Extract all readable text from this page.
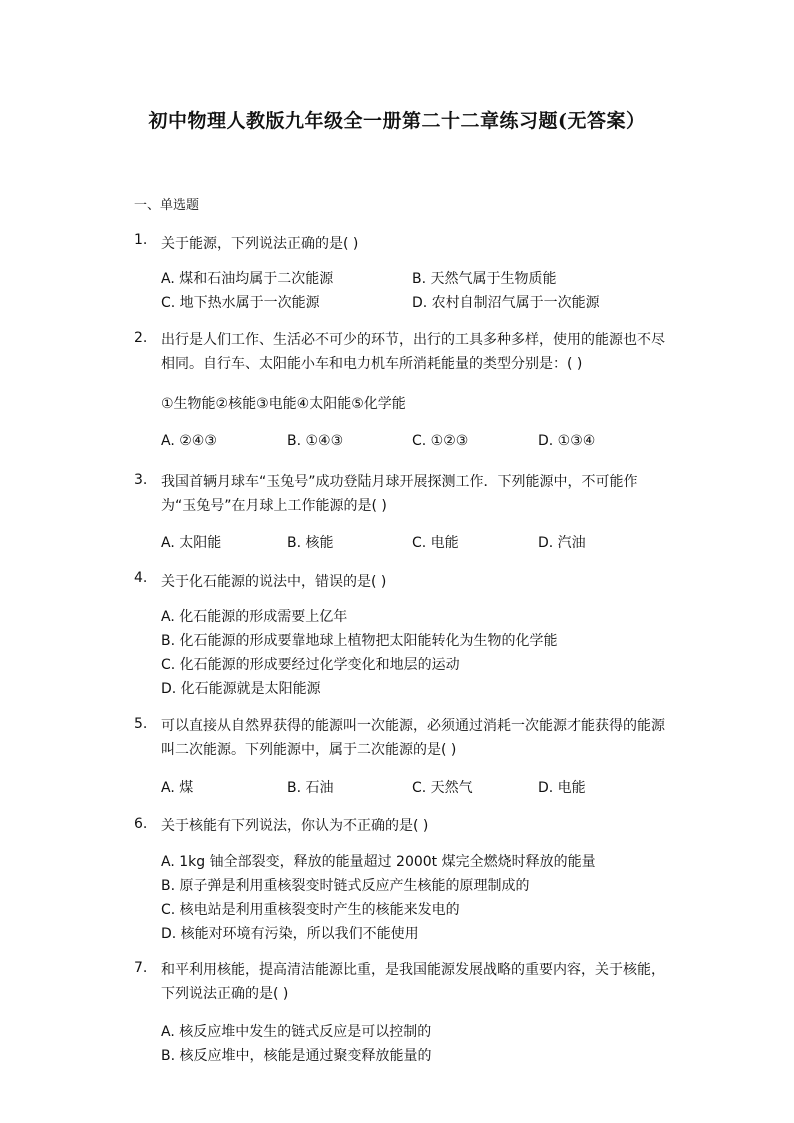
初中物理人教版九年级全一册第二十二章练习题(无答案）
一、单选题
1. 关于能源，下列说法正确的是( )
A. 煤和石油均属于二次能源	B. 天然气属于生物质能
C. 地下热水属于一次能源	D. 农村自制沼气属于一次能源
2. 出行是人们工作、生活必不可少的环节，出行的工具多种多样，使用的能源也不尽相同。自行车、太阳能小车和电力机车所消耗能量的类型分别是：( )
①生物能②核能③电能④太阳能⑤化学能
A. ②④③	B. ①④③	C. ①②③	D. ①③④
3. 我国首辆月球车“玉兔号”成功登陆月球开展探测工作．下列能源中，不可能作为“玉兔号”在月球上工作能源的是( )
A. 太阳能	B. 核能	C. 电能	D. 汽油
4. 关于化石能源的说法中，错误的是( )
A. 化石能源的形成需要上亿年
B. 化石能源的形成要靠地球上植物把太阳能转化为生物的化学能
C. 化石能源的形成要经过化学变化和地层的运动
D. 化石能源就是太阳能源
5. 可以直接从自然界获得的能源叫一次能源，必须通过消耗一次能源才能获得的能源叫二次能源。下列能源中，属于二次能源的是( )
A. 煤	B. 石油	C. 天然气	D. 电能
6. 关于核能有下列说法，你认为不正确的是( )
A. 1kg 铀全部裂变，释放的能量超过 2000t 煤完全燃烧时释放的能量
B. 原子弹是利用重核裂变时链式反应产生核能的原理制成的
C. 核电站是利用重核裂变时产生的核能来发电的
D. 核能对环境有污染，所以我们不能使用
7. 和平利用核能，提高清洁能源比重，是我国能源发展战略的重要内容，关于核能，下列说法正确的是( )
A. 核反应堆中发生的链式反应是可以控制的
B. 核反应堆中，核能是通过聚变释放能量的
